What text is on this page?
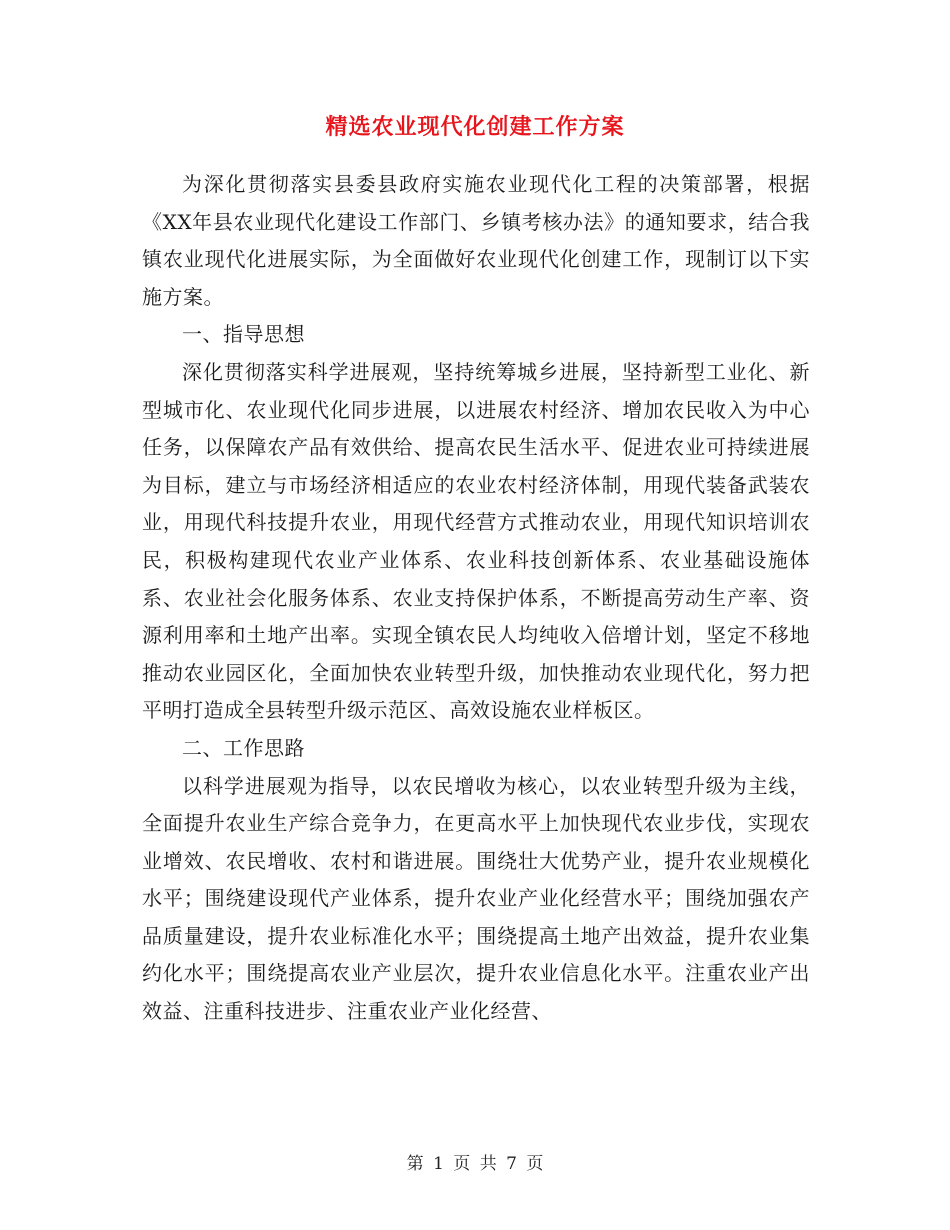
精选农业现代化创建工作方案

为深化贯彻落实县委县政府实施农业现代化工程的决策部署，根据《XX年县农业现代化建设工作部门、乡镇考核办法》的通知要求，结合我镇农业现代化进展实际，为全面做好农业现代化创建工作，现制订以下实施方案。

一、指导思想

深化贯彻落实科学进展观，坚持统筹城乡进展，坚持新型工业化、新型城市化、农业现代化同步进展，以进展农村经济、增加农民收入为中心任务，以保障农产品有效供给、提高农民生活水平、促进农业可持续进展为目标，建立与市场经济相适应的农业农村经济体制，用现代装备武装农业，用现代科技提升农业，用现代经营方式推动农业，用现代知识培训农民，积极构建现代农业产业体系、农业科技创新体系、农业基础设施体系、农业社会化服务体系、农业支持保护体系，不断提高劳动生产率、资源利用率和土地产出率。实现全镇农民人均纯收入倍增计划，坚定不移地推动农业园区化，全面加快农业转型升级，加快推动农业现代化，努力把平明打造成全县转型升级示范区、高效设施农业样板区。

二、工作思路

以科学进展观为指导，以农民增收为核心，以农业转型升级为主线，全面提升农业生产综合竞争力，在更高水平上加快现代农业步伐，实现农业增效、农民增收、农村和谐进展。围绕壮大优势产业，提升农业规模化水平；围绕建设现代产业体系，提升农业产业化经营水平；围绕加强农产品质量建设，提升农业标准化水平；围绕提高土地产出效益，提升农业集约化水平；围绕提高农业产业层次，提升农业信息化水平。注重农业产出效益、注重科技进步、注重农业产业化经营、

第 1 页 共 7 页
